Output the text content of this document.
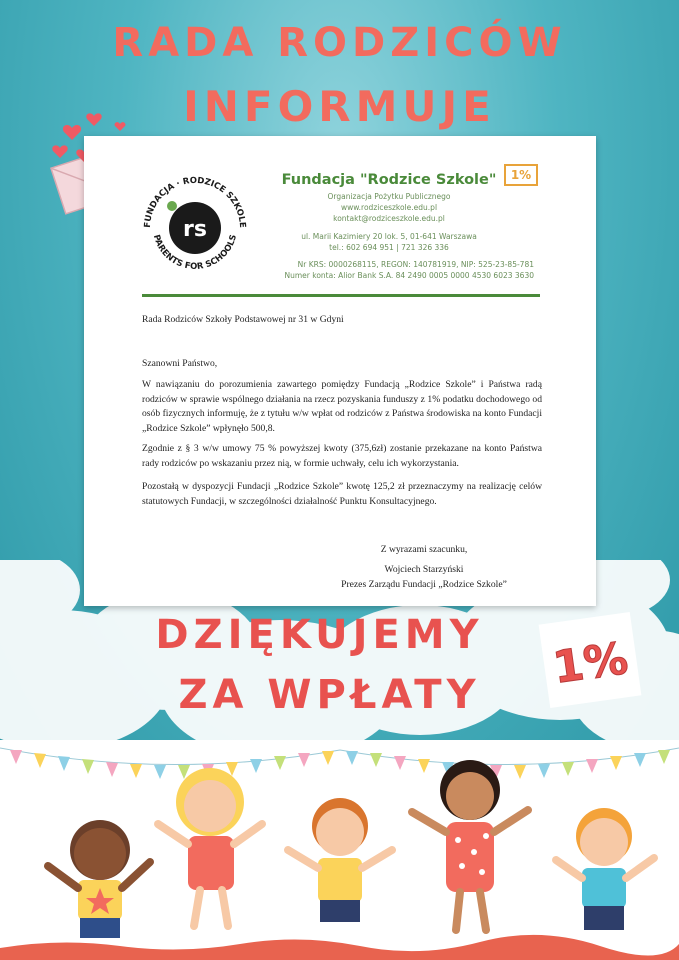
RADA RODZICÓW
INFORMUJE
rs
FUNDACJA · RODZICE SZKOLE
PARENTS FOR SCHOOLS
Fundacja "Rodzice Szkole"	1%
Organizacja Pożytku Publicznego
www.rodziceszkole.edu.pl
kontakt@rodziceszkole.edu.pl
ul. Marii Kazimiery 20 lok. 5, 01-641 Warszawa
tel.: 602 694 951 | 721 326 336
Nr KRS: 0000268115, REGON: 140781919, NIP: 525-23-85-781
Numer konta: Alior Bank S.A. 84 2490 0005 0000 4530 6023 3630
Rada Rodziców Szkoły Podstawowej nr 31 w Gdyni
Szanowni Państwo,
W nawiązaniu do porozumienia zawartego pomiędzy Fundacją „Rodzice Szkole” i Państwa radą rodziców w sprawie wspólnego działania na rzecz pozyskania funduszy z 1% podatku dochodowego od osób fizycznych informuję, że z tytułu w/w wpłat od rodziców z Państwa środowiska na konto Fundacji „Rodzice Szkole” wpłynęło 500,8.
Zgodnie z § 3 w/w umowy 75 % powyższej kwoty (375,6zł) zostanie przekazane na konto Państwa rady rodziców po wskazaniu przez nią, w formie uchwały, celu ich wykorzystania.
Pozostałą w dyspozycji Fundacji „Rodzice Szkole” kwotę 125,2 zł przeznaczymy na realizację celów statutowych Fundacji, w szczególności działalność Punktu Konsultacyjnego.
Z wyrazami szacunku,
Wojciech Starzyński
Prezes Zarządu Fundacji „Rodzice Szkole”
DZIĘKUJEMY
ZA WPŁATY
1%
